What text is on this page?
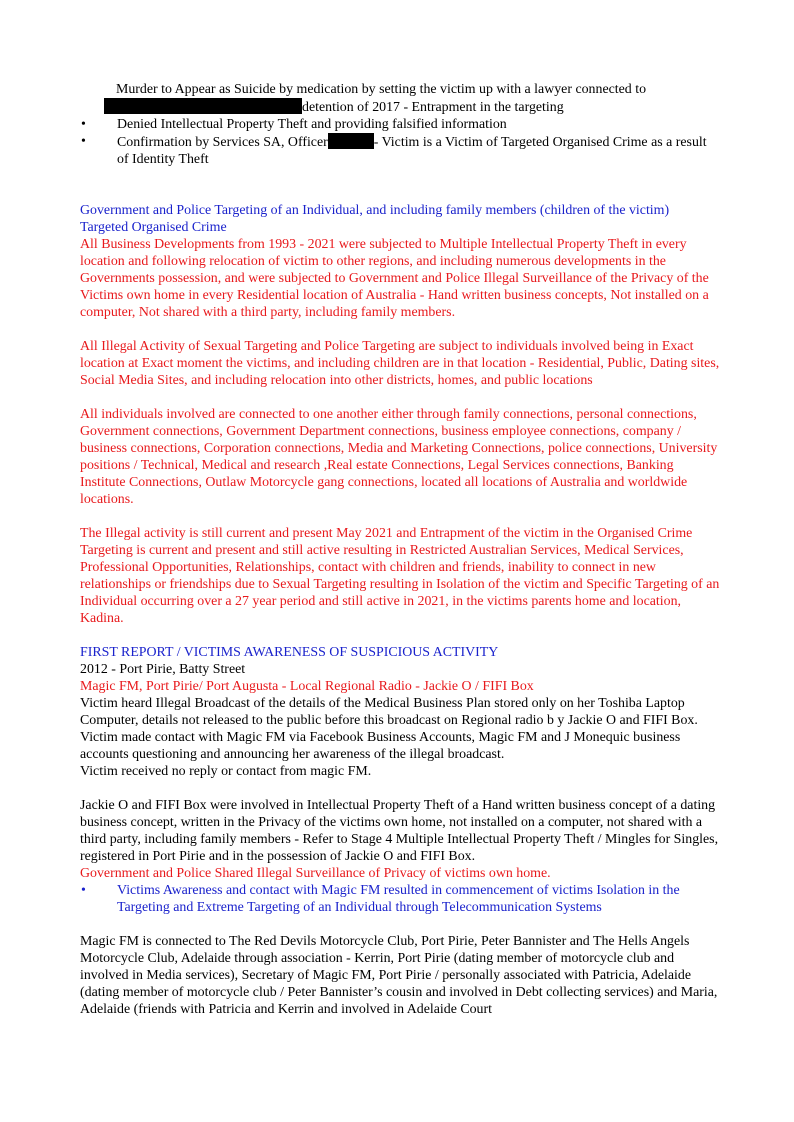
Murder to Appear as Suicide by medication by setting the victim up with a lawyer connected to

detention of 2017 - Entrapment in the targeting

• Denied Intellectual Property Theft and providing falsified information
• Confirmation by Services SA, Officer	- Victim is a Victim of Targeted Organised Crime as a result of Identity Theft

Government and Police Targeting of an Individual, and including family members (children of the victim) Targeted Organised Crime

All Business Developments from 1993 - 2021 were subjected to Multiple Intellectual Property Theft in every location and following relocation of victim to other regions, and including numerous developments in the Governments possession, and were subjected to Government and Police Illegal Surveillance of the Privacy of the Victims own home in every Residential location of Australia - Hand written business concepts, Not installed on a computer, Not shared with a third party, including family members.

All Illegal Activity of Sexual Targeting and Police Targeting are subject to individuals involved being in Exact location at Exact moment the victims, and including children are in that location - Residential, Public, Dating sites, Social Media Sites, and including relocation into other districts, homes, and public locations

All individuals involved are connected to one another either through family connections, personal connections, Government connections, Government Department connections, business employee connections, company / business connections, Corporation connections, Media and Marketing Connections, police connections, University positions / Technical, Medical and research ,Real estate Connections, Legal Services connections, Banking Institute Connections, Outlaw Motorcycle gang connections, located all locations of Australia and worldwide locations.

The Illegal activity is still current and present May 2021 and Entrapment of the victim in the Organised Crime Targeting is current and present and still active resulting in Restricted Australian Services, Medical Services, Professional Opportunities, Relationships, contact with children and friends, inability to connect in new relationships or friendships due to Sexual Targeting resulting in Isolation of the victim and Specific Targeting of an Individual occurring over a 27 year period and still active in 2021, in the victims parents home and location, Kadina.

FIRST REPORT / VICTIMS AWARENESS OF SUSPICIOUS ACTIVITY

2012 - Port Pirie, Batty Street

Magic FM, Port Pirie/ Port Augusta - Local Regional Radio - Jackie O / FIFI Box

Victim heard Illegal Broadcast of the details of the Medical Business Plan stored only on her Toshiba Laptop Computer, details not released to the public before this broadcast on Regional radio b y Jackie O and FIFI Box.

Victim made contact with Magic FM via Facebook Business Accounts, Magic FM and J Monequic business accounts questioning and announcing her awareness of the illegal broadcast.

Victim received no reply or contact from magic FM.

Jackie O and FIFI Box were involved in Intellectual Property Theft of a Hand written business concept of a dating business concept, written in the Privacy of the victims own home, not installed on a computer, not shared with a third party, including family members - Refer to Stage 4 Multiple Intellectual Property Theft / Mingles for Singles, registered in Port Pirie and in the possession of Jackie O and FIFI Box.

Government and Police Shared Illegal Surveillance of Privacy of victims own home.

• Victims Awareness and contact with Magic FM resulted in commencement of victims Isolation in the Targeting and Extreme Targeting of an Individual through Telecommunication Systems

Magic FM is connected to The Red Devils Motorcycle Club, Port Pirie, Peter Bannister and The Hells Angels Motorcycle Club, Adelaide through association - Kerrin, Port Pirie (dating member of motorcycle club and involved in Media services), Secretary of Magic FM, Port Pirie / personally associated with Patricia, Adelaide (dating member of motorcycle club / Peter Bannister’s cousin and involved in Debt collecting services) and Maria, Adelaide (friends with Patricia and Kerrin and involved in Adelaide Court
